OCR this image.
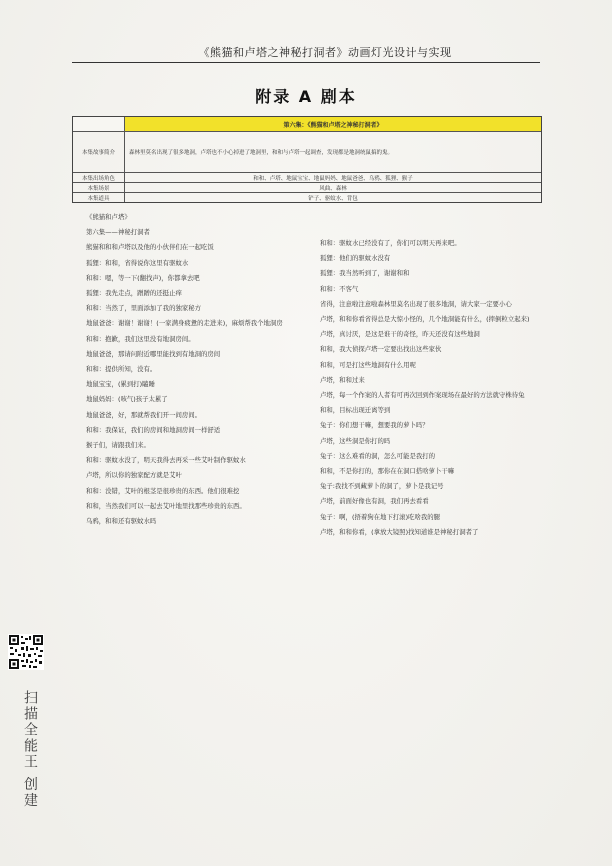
《熊猫和卢塔之神秘打洞者》动画灯光设计与实现
附录 A 剧本
第六集：《熊猫和卢塔之神秘打洞者》
本集故事简介	森林里莫名出现了很多地洞，卢塔也不小心掉进了地洞里，和和与卢塔一起调查，发现都是地洞统鼠搞的鬼。
本集出场角色	和和、卢塔、地鼠宝宝、地鼠妈妈、地鼠爸爸、乌鸦、狐狸、猴子
本集场景	风曲、森林
本集道具	铲子、驱蚊水、背包
《熊猫和卢塔》
第六集——神秘打洞者
熊猫和和和卢塔以及他的小伙伴们在一起吃饭
狐狸：和和，省得说你这里有驱蚊水
和和：嗯，等一下(翻找声)，你都拿去吧
狐狸：我先走点，蹭蹭的还挺止痒
和和：当然了，里面添加了我的独家秘方
地鼠爸爸：谢谢！谢谢！(一家满身疲惫的走进来)，麻烦帮我个地洞房
和和：抱歉，我们这里没有地洞房间。
地鼠爸爸，那请问附近哪里能找到有地洞的房间
和和：提供所知，没有。
地鼠宝宝，(累到打)瞌睡
地鼠妈妈：(咳气)孩子太累了
地鼠爸爸，好，那就帮我们开一间房间。
和和：我保证，我们的房间和地洞房间一样舒适
猴子们，请跟我们来。
和和：驱蚊水没了，明天我得去再采一些艾叶制作驱蚊水
卢塔，所以你的独家配方就是艾叶
和和：没错，艾叶的根茎是很珍贵的东西。他们很难挖
和和，当然我们可以一起去艾叶地里找那些珍贵的东西。
乌鸦，和和还有驱蚊水吗
和和：驱蚊水已经没有了，你们可以明天再来吧。
狐狸：他们的驱蚊水没有
狐狸：我当然听到了，谢谢和和
和和：不客气
省得，注意啦注意啦森林里莫名出现了很多地洞，请大家一定要小心
卢塔，和和你看省得总是大惊小怪的，几个地洞能有什么，(摔倒粒立起来)
卢塔，真讨厌，是这是谁干的奇怪，昨天还没有这些地洞
和和，我大侦探卢塔一定要出找出这些家伙
和和，可是打这些地洞有什么用呢
卢塔，和和过来
卢塔，每一个作案的人者有可再次回到作案现场在最好的方法就守株待兔
和和，目标出现迁离等到
兔子：你们想干嘛，想要我的萝卜吗？
卢塔，这些洞是你打的吗
兔子：这么难看的洞，怎么可能是我打的
和和，不是你打的，那你在在洞口搭啥萝卜干嘛
兔子:我找不到藏萝卜的洞了，萝卜是我记号
卢塔，前面好像也有洞，我们再去看看
兔子：啊，(捂着狗在地下打滚)吃啥我的腿
卢塔，和和你看，(拿放大镜照)找知道谁是神秘打洞者了
扫描全能王 创建
